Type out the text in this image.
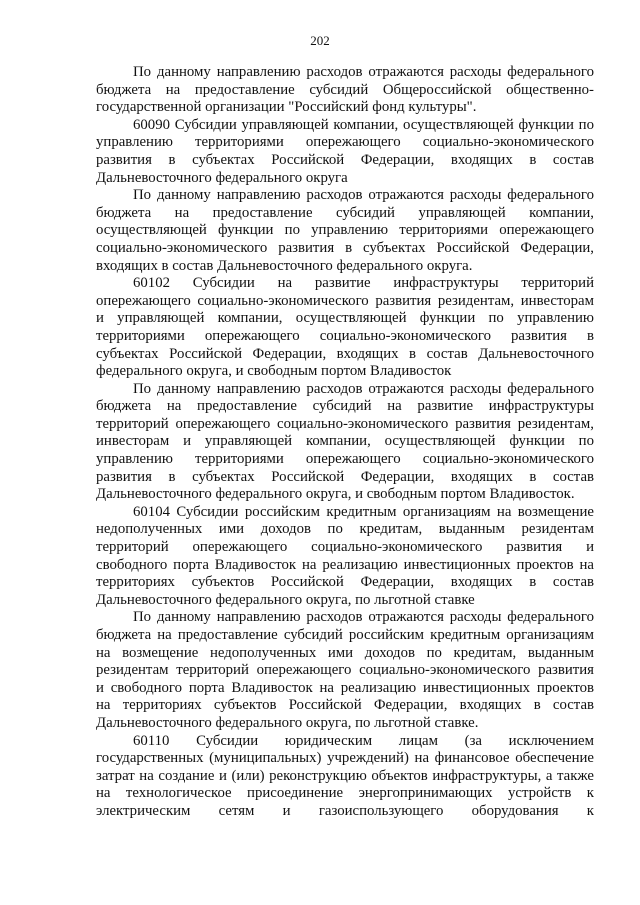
202
По данному направлению расходов отражаются расходы федерального
бюджета на предоставление субсидий Общероссийской общественно-
государственной организации "Российский фонд культуры".
60090 Субсидии управляющей компании, осуществляющей функции по
управлению территориями опережающего социально-экономического
развития в субъектах Российской Федерации, входящих в состав
Дальневосточного федерального округа
По данному направлению расходов отражаются расходы федерального
бюджета на предоставление субсидий управляющей компании,
осуществляющей функции по управлению территориями опережающего
социально-экономического развития в субъектах Российской Федерации,
входящих в состав Дальневосточного федерального округа.
60102 Субсидии на развитие инфраструктуры территорий
опережающего социально-экономического развития резидентам, инвесторам
и управляющей компании, осуществляющей функции по управлению
территориями опережающего социально-экономического развития в
субъектах Российской Федерации, входящих в состав Дальневосточного
федерального округа, и свободным портом Владивосток
По данному направлению расходов отражаются расходы федерального
бюджета на предоставление субсидий на развитие инфраструктуры
территорий опережающего социально-экономического развития резидентам,
инвесторам и управляющей компании, осуществляющей функции по
управлению территориями опережающего социально-экономического
развития в субъектах Российской Федерации, входящих в состав
Дальневосточного федерального округа, и свободным портом Владивосток.
60104 Субсидии российским кредитным организациям на возмещение
недополученных ими доходов по кредитам, выданным резидентам
территорий опережающего социально-экономического развития и
свободного порта Владивосток на реализацию инвестиционных проектов на
территориях субъектов Российской Федерации, входящих в состав
Дальневосточного федерального округа, по льготной ставке
По данному направлению расходов отражаются расходы федерального
бюджета на предоставление субсидий российским кредитным организациям
на возмещение недополученных ими доходов по кредитам, выданным
резидентам территорий опережающего социально-экономического развития
и свободного порта Владивосток на реализацию инвестиционных проектов
на территориях субъектов Российской Федерации, входящих в состав
Дальневосточного федерального округа, по льготной ставке.
60110 Субсидии юридическим лицам (за исключением
государственных (муниципальных) учреждений) на финансовое обеспечение
затрат на создание и (или) реконструкцию объектов инфраструктуры, а также
на технологическое присоединение энергопринимающих устройств к
электрическим сетям и газоиспользующего оборудования к
